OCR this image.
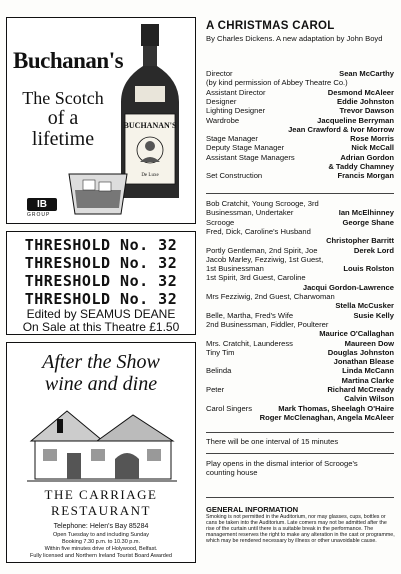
Buchanan's
The Scotch
of a
lifetime
BUCHANAN'S
De Luxe
IB
GROUP
THRESHOLD No. 32
THRESHOLD No. 32
THRESHOLD No. 32
THRESHOLD No. 32
Edited by SEAMUS DEANE
On Sale at this Theatre £1.50
After the Show
wine and dine
THE CARRIAGE
RESTAURANT
Telephone: Helen's Bay 85284
Open Tuesday to and including Sunday
Booking 7.30 p.m. to 10.30 p.m.
Within five minutes drive of Holywood, Belfast.
Fully licensed and Northern Ireland Tourist Board Awarded
A CHRISTMAS CAROL
By Charles Dickens. A new adaptation by John Boyd
Director	Sean McCarthy
(by kind permission of Abbey Theatre Co.)
Assistant Director	Desmond McAleer
Designer	Eddie Johnston
Lighting Designer	Trevor Dawson
Wardrobe	Jacqueline Berryman
Jean Crawford & Ivor Morrow
Stage Manager	Rose Morris
Deputy Stage Manager	Nick McCall
Assistant Stage Managers	Adrian Gordon
& Taddy Chamney
Set Construction	Francis Morgan
Bob Cratchit, Young Scrooge, 3rd
Businessman, Undertaker	Ian McElhinney
Scrooge	George Shane
Fred, Dick, Caroline's Husband
Christopher Barritt
Portly Gentleman, 2nd Spirit, Joe	Derek Lord
Jacob Marley, Fezziwig, 1st Guest,
1st Businessman	Louis Rolston
1st Spirit, 3rd Guest, Caroline
Jacqui Gordon-Lawrence
Mrs Fezziwig, 2nd Guest, Charwoman
Stella McCusker
Belle, Martha, Fred's Wife	Susie Kelly
2nd Businessman, Fiddler, Poulterer
Maurice O'Callaghan
Mrs. Cratchit, Launderess	Maureen Dow
Tiny Tim	Douglas Johnston
Jonathan Blease
Belinda	Linda McCann
Martina Clarke
Peter	Richard McCready
Calvin Wilson
Carol Singers	Mark Thomas, Sheelagh O'Haire
Roger McClenaghan, Angela McAleer
There will be one interval of 15 minutes
Play opens in the dismal interior of Scrooge's counting house
GENERAL INFORMATION
Smoking is not permitted in the Auditorium, nor may glasses, cups, bottles or cans be taken into the Auditorium. Late comers may not be admitted after the rise of the curtain until there is a suitable break in the performance. The management reserves the right to make any alteration in the cast or programme, which may be rendered necessary by illness or other unavoidable cause.
